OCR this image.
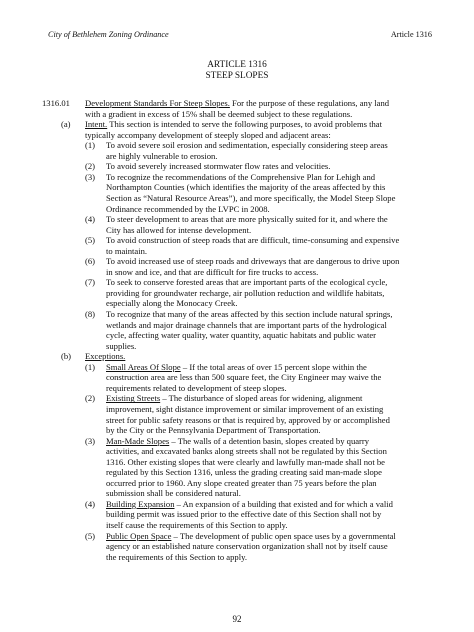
City of Bethlehem Zoning Ordinance	Article 1316
ARTICLE 1316
STEEP SLOPES
1316.01 Development Standards For Steep Slopes. For the purpose of these regulations, any land
with a gradient in excess of 15% shall be deemed subject to these regulations.
(a) Intent. This section is intended to serve the following purposes, to avoid problems that
typically accompany development of steeply sloped and adjacent areas:
(1) To avoid severe soil erosion and sedimentation, especially considering steep areas
are highly vulnerable to erosion.
(2) To avoid severely increased stormwater flow rates and velocities.
(3) To recognize the recommendations of the Comprehensive Plan for Lehigh and
Northampton Counties (which identifies the majority of the areas affected by this
Section as “Natural Resource Areas”), and more specifically, the Model Steep Slope
Ordinance recommended by the LVPC in 2008.
(4) To steer development to areas that are more physically suited for it, and where the
City has allowed for intense development.
(5) To avoid construction of steep roads that are difficult, time-consuming and expensive
to maintain.
(6) To avoid increased use of steep roads and driveways that are dangerous to drive upon
in snow and ice, and that are difficult for fire trucks to access.
(7) To seek to conserve forested areas that are important parts of the ecological cycle,
providing for groundwater recharge, air pollution reduction and wildlife habitats,
especially along the Monocacy Creek.
(8) To recognize that many of the areas affected by this section include natural springs,
wetlands and major drainage channels that are important parts of the hydrological
cycle, affecting water quality, water quantity, aquatic habitats and public water
supplies.
(b) Exceptions.
(1) Small Areas Of Slope – If the total areas of over 15 percent slope within the
construction area are less than 500 square feet, the City Engineer may waive the
requirements related to development of steep slopes.
(2) Existing Streets – The disturbance of sloped areas for widening, alignment
improvement, sight distance improvement or similar improvement of an existing
street for public safety reasons or that is required by, approved by or accomplished
by the City or the Pennsylvania Department of Transportation.
(3) Man-Made Slopes – The walls of a detention basin, slopes created by quarry
activities, and excavated banks along streets shall not be regulated by this Section
1316. Other existing slopes that were clearly and lawfully man-made shall not be
regulated by this Section 1316, unless the grading creating said man-made slope
occurred prior to 1960. Any slope created greater than 75 years before the plan
submission shall be considered natural.
(4) Building Expansion – An expansion of a building that existed and for which a valid
building permit was issued prior to the effective date of this Section shall not by
itself cause the requirements of this Section to apply.
(5) Public Open Space – The development of public open space uses by a governmental
agency or an established nature conservation organization shall not by itself cause
the requirements of this Section to apply.
92
